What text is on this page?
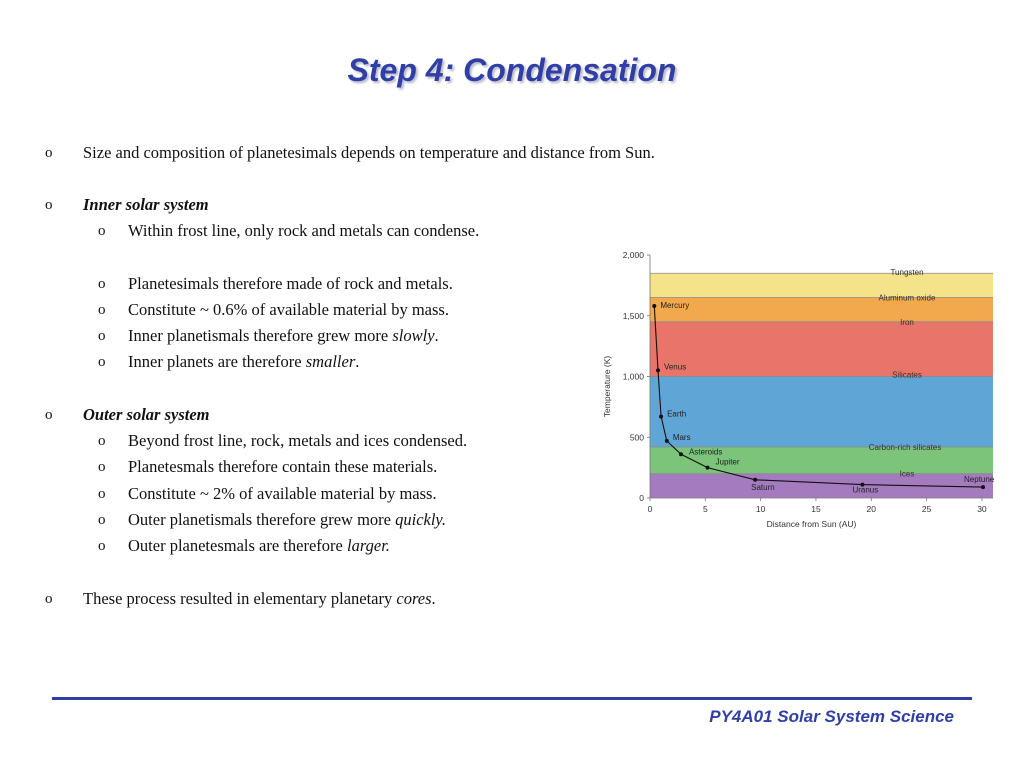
Step 4: Condensation
o Size and composition of planetesimals depends on temperature and distance from Sun.
o Inner solar system
o Within frost line, only rock and metals can condense.
o Planetesimals therefore made of rock and metals.
o Constitute ~ 0.6% of available material by mass.
o Inner planetismals therefore grew more slowly.
o Inner planets are therefore smaller.
o Outer solar system
o Beyond frost line, rock, metals and ices condensed.
o Planetesmals therefore contain these materials.
o Constitute ~ 2% of available material by mass.
o Outer planetismals therefore grew more quickly.
o Outer planetesmals are therefore larger.
o These process resulted in elementary planetary cores.
Tungsten
Aluminum oxide
Iron
Silicates
Carbon-rich silicates
Ices
0
500
1,000
1,500
2,000
0	5	10	15	20	25	30
Distance from Sun (AU)
Temperature (K)
Mercury
Venus
Earth
Mars
Asteroids
Jupiter
Saturn	Uranus
Neptune
PY4A01 Solar System Science
